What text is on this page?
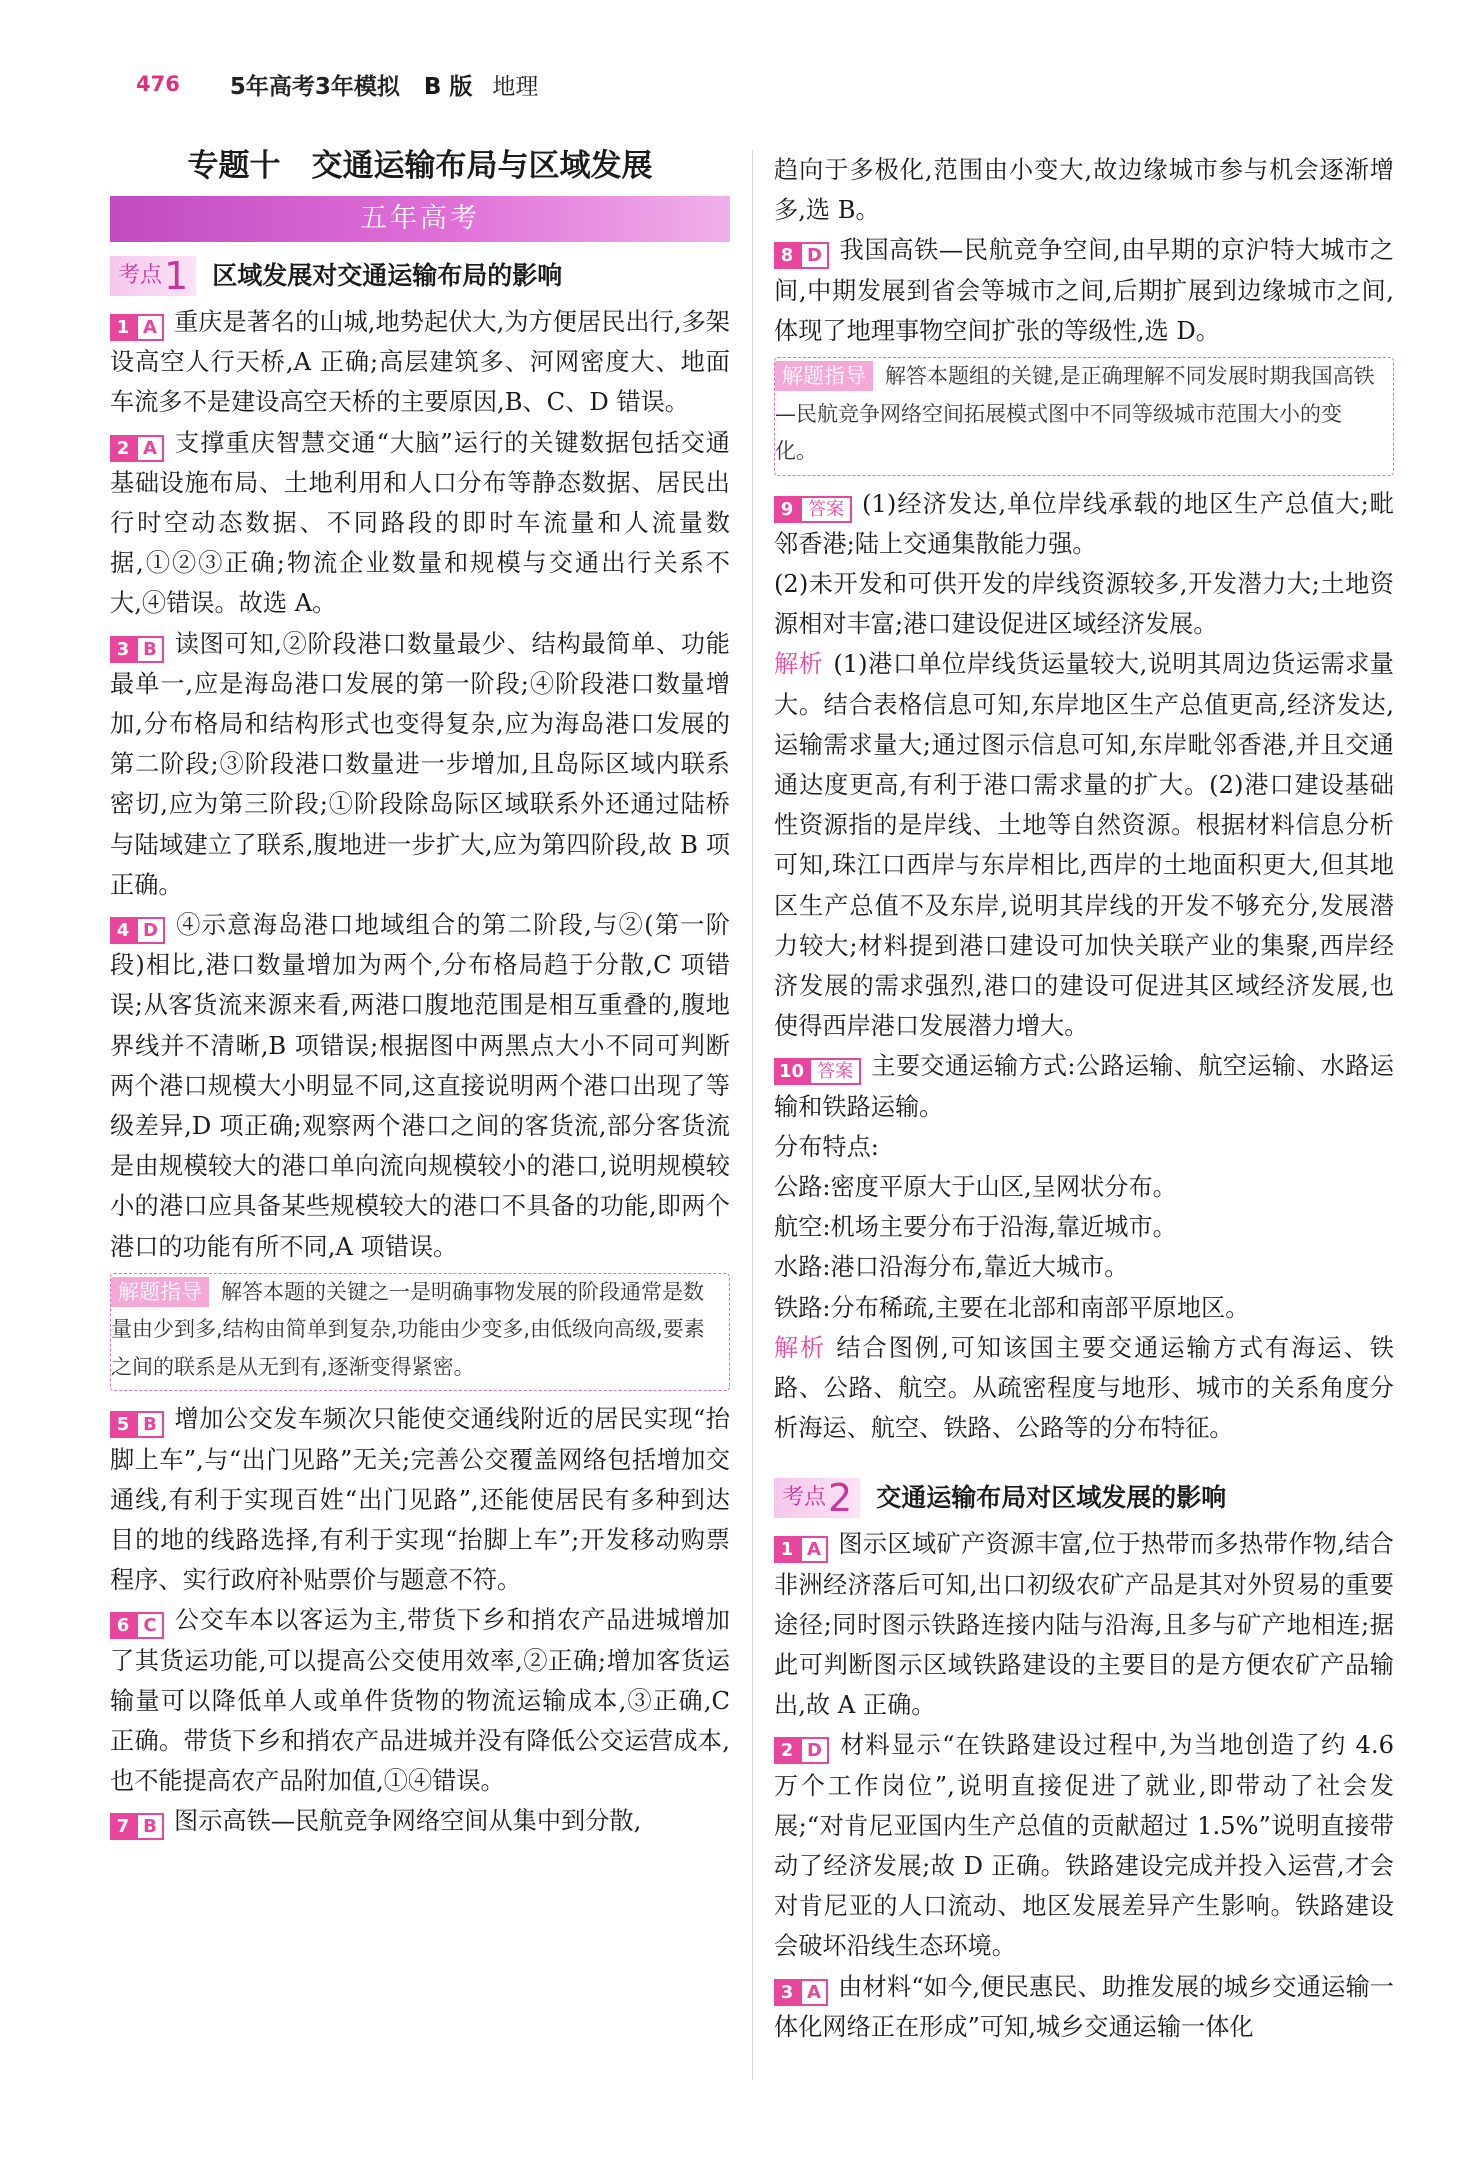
476 5年高考3年模拟 B 版 地理
专题十　交通运输布局与区域发展
五年高考
考点 1 区域发展对交通运输布局的影响

1 A 重庆是著名的山城,地势起伏大,为方便居民出行,多架设高空人行天桥,A 正确;高层建筑多、河网密度大、地面车流多不是建设高空天桥的主要原因,B、C、D 错误。

2 A 支撑重庆智慧交通“大脑”运行的关键数据包括交通基础设施布局、土地利用和人口分布等静态数据、居民出行时空动态数据、不同路段的即时车流量和人流量数据,①②③正确;物流企业数量和规模与交通出行关系不大,④错误。故选 A。

3 B 读图可知,②阶段港口数量最少、结构最简单、功能最单一,应是海岛港口发展的第一阶段;④阶段港口数量增加,分布格局和结构形式也变得复杂,应为海岛港口发展的第二阶段;③阶段港口数量进一步增加,且岛际区域内联系密切,应为第三阶段;①阶段除岛际区域联系外还通过陆桥与陆域建立了联系,腹地进一步扩大,应为第四阶段,故 B 项正确。

4 D ④示意海岛港口地域组合的第二阶段,与②(第一阶段)相比,港口数量增加为两个,分布格局趋于分散,C 项错误;从客货流来源来看,两港口腹地范围是相互重叠的,腹地界线并不清晰,B 项错误;根据图中两黑点大小不同可判断两个港口规模大小明显不同,这直接说明两个港口出现了等级差异,D 项正确;观察两个港口之间的客货流,部分客货流是由规模较大的港口单向流向规模较小的港口,说明规模较小的港口应具备某些规模较大的港口不具备的功能,即两个港口的功能有所不同,A 项错误。

解题指导 解答本题的关键之一是明确事物发展的阶段通常是数量由少到多,结构由简单到复杂,功能由少变多,由低级向高级,要素之间的联系是从无到有,逐渐变得紧密。

5 B 增加公交发车频次只能使交通线附近的居民实现“抬脚上车”,与“出门见路”无关;完善公交覆盖网络包括增加交通线,有利于实现百姓“出门见路”,还能使居民有多种到达目的地的线路选择,有利于实现“抬脚上车”;开发移动购票程序、实行政府补贴票价与题意不符。

6 C 公交车本以客运为主,带货下乡和捎农产品进城增加了其货运功能,可以提高公交使用效率,②正确;增加客货运输量可以降低单人或单件货物的物流运输成本,③正确,C 正确。带货下乡和捎农产品进城并没有降低公交运营成本,也不能提高农产品附加值,①④错误。

7 B 图示高铁—民航竞争网络空间从集中到分散,

趋向于多极化,范围由小变大,故边缘城市参与机会逐渐增多,选 B。

8 D 我国高铁—民航竞争空间,由早期的京沪特大城市之间,中期发展到省会等城市之间,后期扩展到边缘城市之间,体现了地理事物空间扩张的等级性,选 D。

解题指导 解答本题组的关键,是正确理解不同发展时期我国高铁—民航竞争网络空间拓展模式图中不同等级城市范围大小的变化。

9 答案 (1)经济发达,单位岸线承载的地区生产总值大;毗邻香港;陆上交通集散能力强。

(2)未开发和可供开发的岸线资源较多,开发潜力大;土地资源相对丰富;港口建设促进区域经济发展。

解析 (1)港口单位岸线货运量较大,说明其周边货运需求量大。结合表格信息可知,东岸地区生产总值更高,经济发达,运输需求量大;通过图示信息可知,东岸毗邻香港,并且交通通达度更高,有利于港口需求量的扩大。(2)港口建设基础性资源指的是岸线、土地等自然资源。根据材料信息分析可知,珠江口西岸与东岸相比,西岸的土地面积更大,但其地区生产总值不及东岸,说明其岸线的开发不够充分,发展潜力较大;材料提到港口建设可加快关联产业的集聚,西岸经济发展的需求强烈,港口的建设可促进其区域经济发展,也使得西岸港口发展潜力增大。

10 答案 主要交通运输方式:公路运输、航空运输、水路运输和铁路运输。

分布特点:

公路:密度平原大于山区,呈网状分布。

航空:机场主要分布于沿海,靠近城市。

水路:港口沿海分布,靠近大城市。

铁路:分布稀疏,主要在北部和南部平原地区。

解析 结合图例,可知该国主要交通运输方式有海运、铁路、公路、航空。从疏密程度与地形、城市的关系角度分析海运、航空、铁路、公路等的分布特征。

考点 2 交通运输布局对区域发展的影响

1 A 图示区域矿产资源丰富,位于热带而多热带作物,结合非洲经济落后可知,出口初级农矿产品是其对外贸易的重要途径;同时图示铁路连接内陆与沿海,且多与矿产地相连;据此可判断图示区域铁路建设的主要目的是方便农矿产品输出,故 A 正确。

2 D 材料显示“在铁路建设过程中,为当地创造了约 4.6 万个工作岗位”,说明直接促进了就业,即带动了社会发展;“对肯尼亚国内生产总值的贡献超过 1.5%”说明直接带动了经济发展;故 D 正确。铁路建设完成并投入运营,才会对肯尼亚的人口流动、地区发展差异产生影响。铁路建设会破坏沿线生态环境。

3 A 由材料“如今,便民惠民、助推发展的城乡交通运输一体化网络正在形成”可知,城乡交通运输一体化
